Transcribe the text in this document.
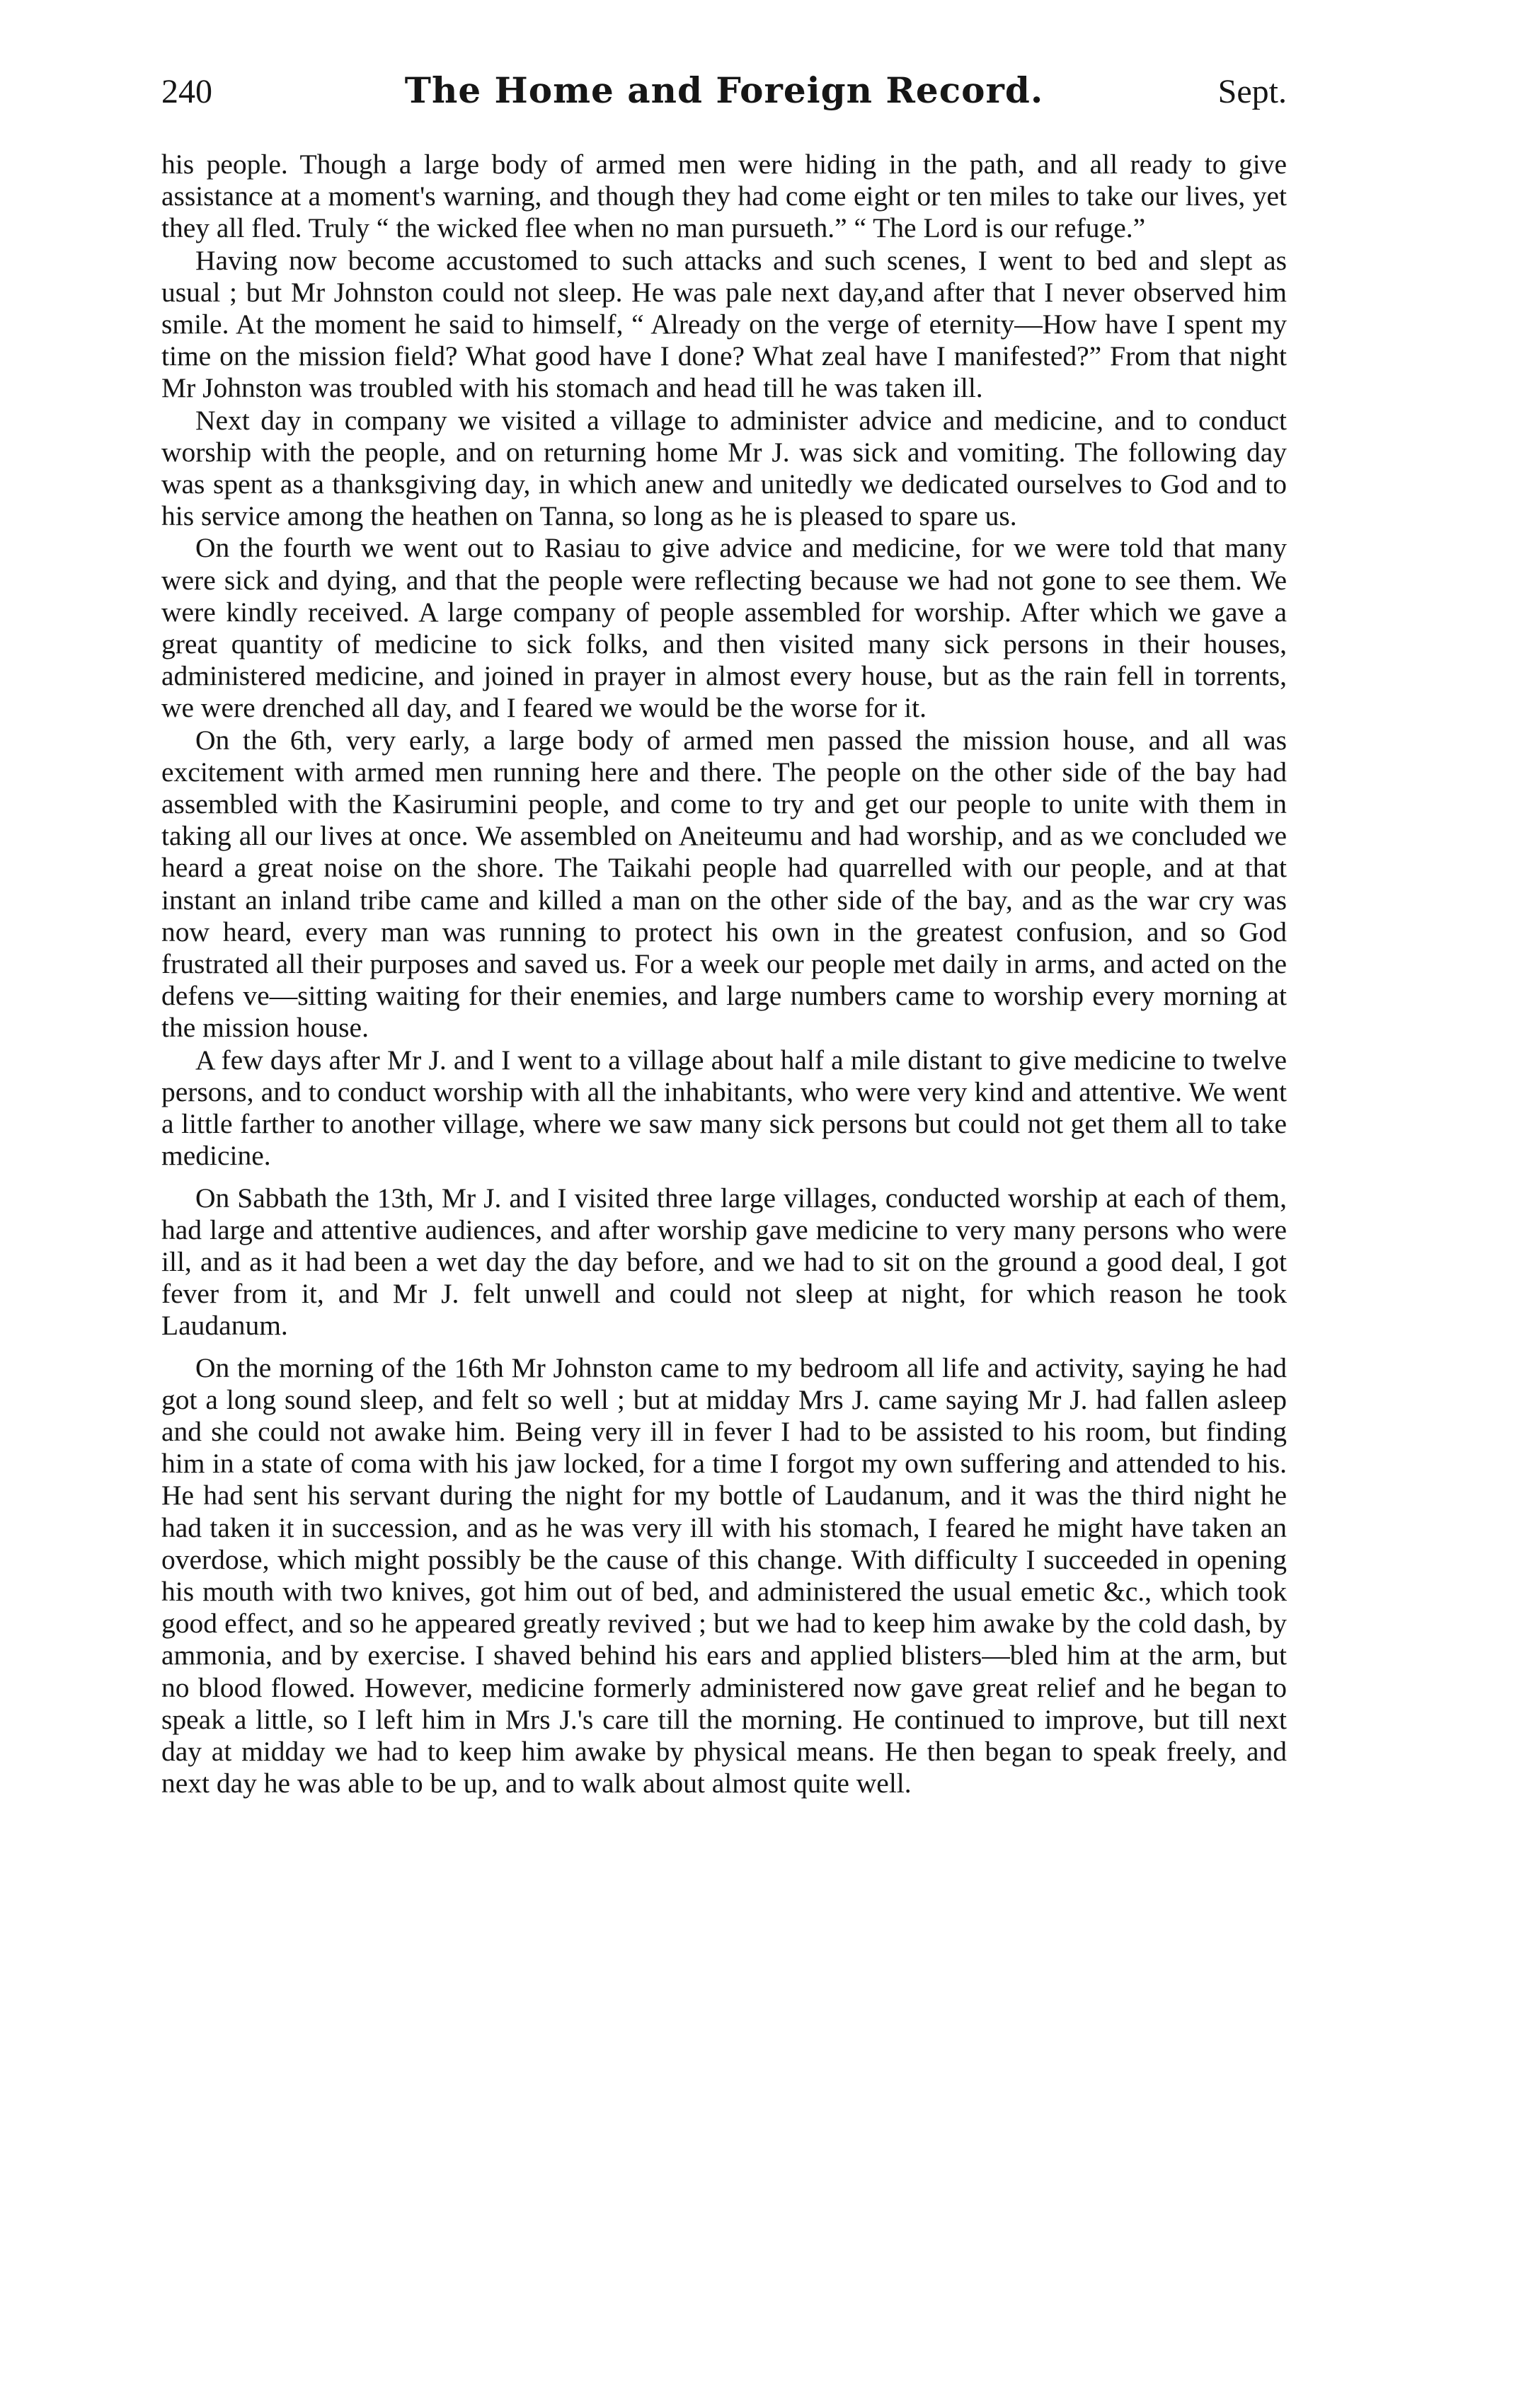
240	The Home and Foreign Record.	Sept.

his people. Though a large body of armed men were hiding in the path, and all ready to give assistance at a moment's warning, and though they had come eight or ten miles to take our lives, yet they all fled. Truly “ the wicked flee when no man pursueth.” “ The Lord is our refuge.”

Having now become accustomed to such attacks and such scenes, I went to bed and slept as usual ; but Mr Johnston could not sleep. He was pale next day,and after that I never observed him smile. At the moment he said to himself, “ Already on the verge of eternity—How have I spent my time on the mission field? What good have I done? What zeal have I manifested?” From that night Mr Johnston was troubled with his stomach and head till he was taken ill.

Next day in company we visited a village to administer advice and medicine, and to conduct worship with the people, and on returning home Mr J. was sick and vomiting. The following day was spent as a thanksgiving day, in which anew and unitedly we dedicated ourselves to God and to his service among the heathen on Tanna, so long as he is pleased to spare us.

On the fourth we went out to Rasiau to give advice and medicine, for we were told that many were sick and dying, and that the people were reflecting because we had not gone to see them. We were kindly received. A large company of people assembled for worship. After which we gave a great quantity of medicine to sick folks, and then visited many sick persons in their houses, administered medicine, and joined in prayer in almost every house, but as the rain fell in torrents, we were drenched all day, and I feared we would be the worse for it.

On the 6th, very early, a large body of armed men passed the mission house, and all was excitement with armed men running here and there. The people on the other side of the bay had assembled with the Kasirumini people, and come to try and get our people to unite with them in taking all our lives at once. We assembled on Aneiteumu and had worship, and as we concluded we heard a great noise on the shore. The Taikahi people had quarrelled with our people, and at that instant an inland tribe came and killed a man on the other side of the bay, and as the war cry was now heard, every man was running to protect his own in the greatest confusion, and so God frustrated all their purposes and saved us. For a week our people met daily in arms, and acted on the defens ve—sitting waiting for their enemies, and large numbers came to worship every morning at the mission house.

A few days after Mr J. and I went to a village about half a mile distant to give medicine to twelve persons, and to conduct worship with all the inhabitants, who were very kind and attentive. We went a little farther to another village, where we saw many sick persons but could not get them all to take medicine.

On Sabbath the 13th, Mr J. and I visited three large villages, conducted worship at each of them, had large and attentive audiences, and after worship gave medicine to very many persons who were ill, and as it had been a wet day the day before, and we had to sit on the ground a good deal, I got fever from it, and Mr J. felt unwell and could not sleep at night, for which reason he took Laudanum.

On the morning of the 16th Mr Johnston came to my bedroom all life and activity, saying he had got a long sound sleep, and felt so well ; but at midday Mrs J. came saying Mr J. had fallen asleep and she could not awake him. Being very ill in fever I had to be assisted to his room, but finding him in a state of coma with his jaw locked, for a time I forgot my own suffering and attended to his. He had sent his servant during the night for my bottle of Laudanum, and it was the third night he had taken it in succession, and as he was very ill with his stomach, I feared he might have taken an overdose, which might possibly be the cause of this change. With difficulty I succeeded in opening his mouth with two knives, got him out of bed, and administered the usual emetic &c., which took good effect, and so he appeared greatly revived ; but we had to keep him awake by the cold dash, by ammonia, and by exercise. I shaved behind his ears and applied blisters—bled him at the arm, but no blood flowed. However, medicine formerly administered now gave great relief and he began to speak a little, so I left him in Mrs J.'s care till the morning. He continued to improve, but till next day at midday we had to keep him awake by physical means. He then began to speak freely, and next day he was able to be up, and to walk about almost quite well.
